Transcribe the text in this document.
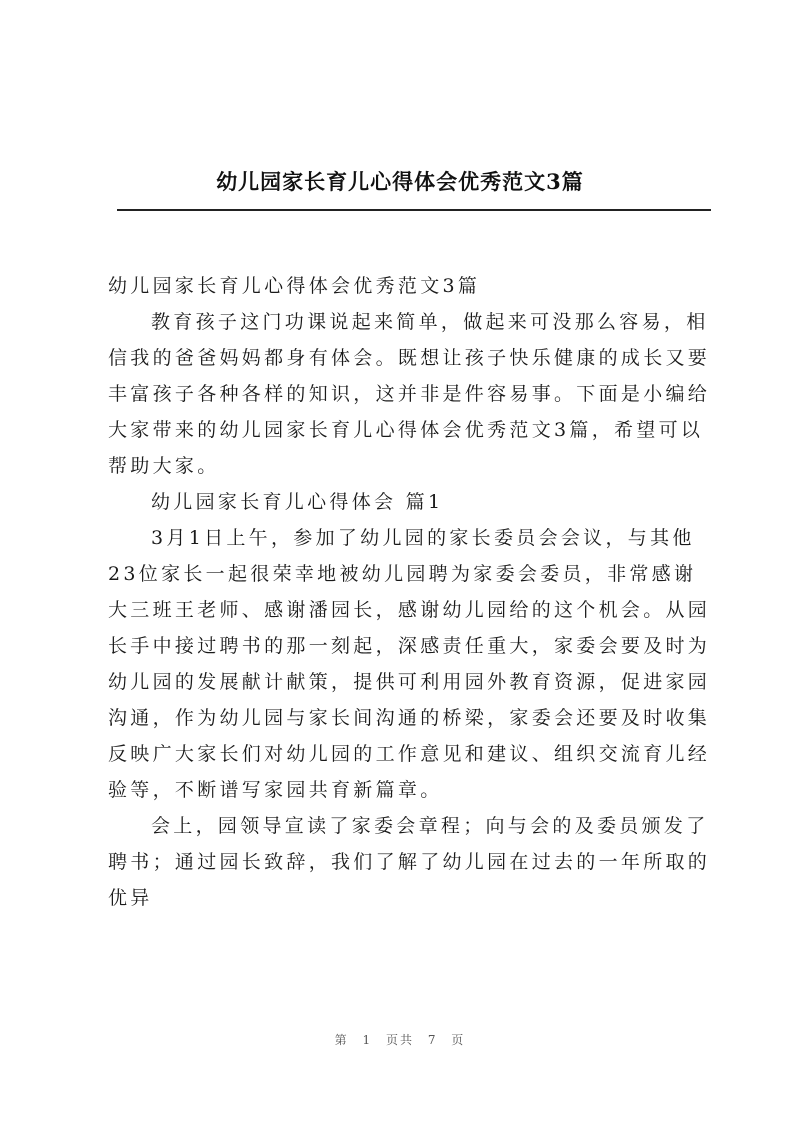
幼儿园家长育儿心得体会优秀范文3篇

幼儿园家长育儿心得体会优秀范文3篇

教育孩子这门功课说起来简单，做起来可没那么容易，相信我的爸爸妈妈都身有体会。既想让孩子快乐健康的成长又要丰富孩子各种各样的知识，这并非是件容易事。下面是小编给大家带来的幼儿园家长育儿心得体会优秀范文3篇，希望可以帮助大家。

幼儿园家长育儿心得体会 篇1

3月1日上午，参加了幼儿园的家长委员会会议，与其他23位家长一起很荣幸地被幼儿园聘为家委会委员，非常感谢大三班王老师、感谢潘园长，感谢幼儿园给的这个机会。从园长手中接过聘书的那一刻起，深感责任重大，家委会要及时为幼儿园的发展献计献策，提供可利用园外教育资源，促进家园沟通，作为幼儿园与家长间沟通的桥梁，家委会还要及时收集反映广大家长们对幼儿园的工作意见和建议、组织交流育儿经验等，不断谱写家园共育新篇章。

会上，园领导宣读了家委会章程；向与会的及委员颁发了聘书；通过园长致辞，我们了解了幼儿园在过去的一年所取的优异

第 1 页共 7 页
